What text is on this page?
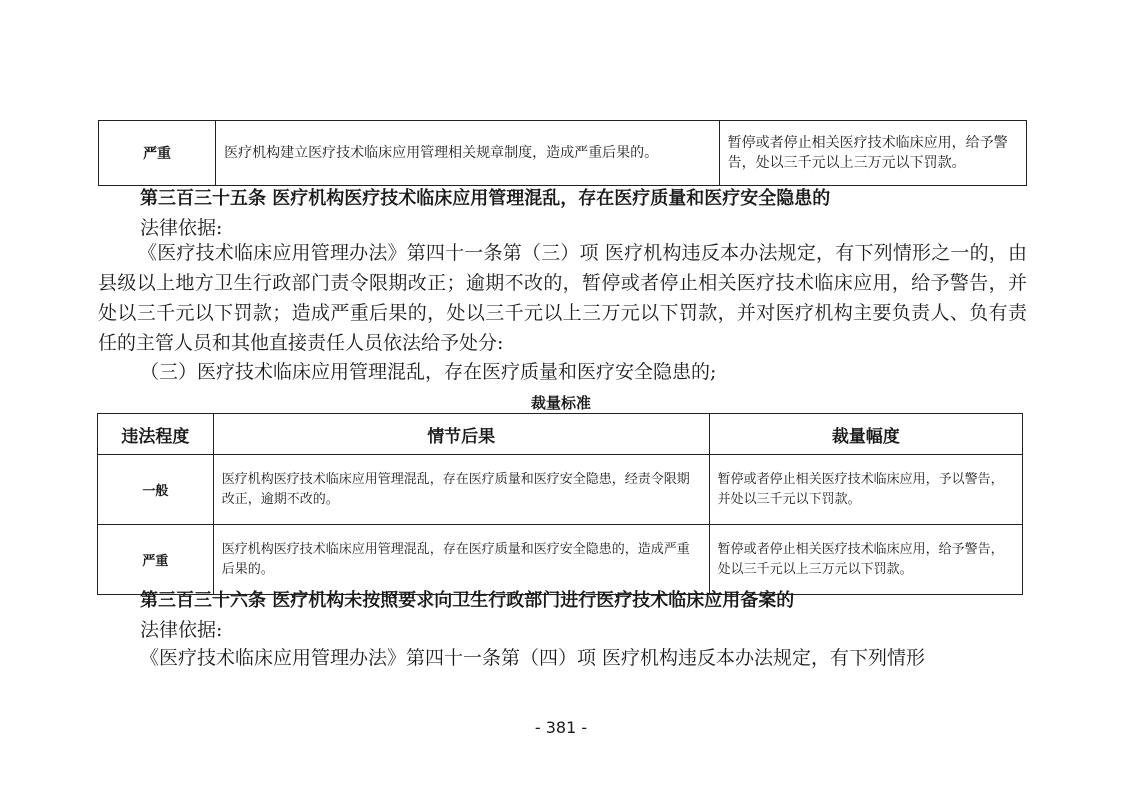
严重	医疗机构建立医疗技术临床应用管理相关规章制度，造成严重后果的。	暂停或者停止相关医疗技术临床应用，给予警告，处以三千元以上三万元以下罚款。
第三百三十五条 医疗机构医疗技术临床应用管理混乱，存在医疗质量和医疗安全隐患的
法律依据:

《医疗技术临床应用管理办法》第四十一条第（三）项 医疗机构违反本办法规定，有下列情形之一的，由县级以上地方卫生行政部门责令限期改正；逾期不改的，暂停或者停止相关医疗技术临床应用，给予警告，并处以三千元以下罚款；造成严重后果的，处以三千元以上三万元以下罚款，并对医疗机构主要负责人、负有责任的主管人员和其他直接责任人员依法给予处分:

（三）医疗技术临床应用管理混乱，存在医疗质量和医疗安全隐患的;
裁量标准
违法程度	情节后果	裁量幅度
一般	医疗机构医疗技术临床应用管理混乱，存在医疗质量和医疗安全隐患，经责令限期改正，逾期不改的。	暂停或者停止相关医疗技术临床应用，予以警告，并处以三千元以下罚款。
严重	医疗机构医疗技术临床应用管理混乱，存在医疗质量和医疗安全隐患的，造成严重后果的。	暂停或者停止相关医疗技术临床应用，给予警告，处以三千元以上三万元以下罚款。
第三百三十六条 医疗机构未按照要求向卫生行政部门进行医疗技术临床应用备案的
法律依据:
《医疗技术临床应用管理办法》第四十一条第（四）项 医疗机构违反本办法规定，有下列情形
- 381 -
